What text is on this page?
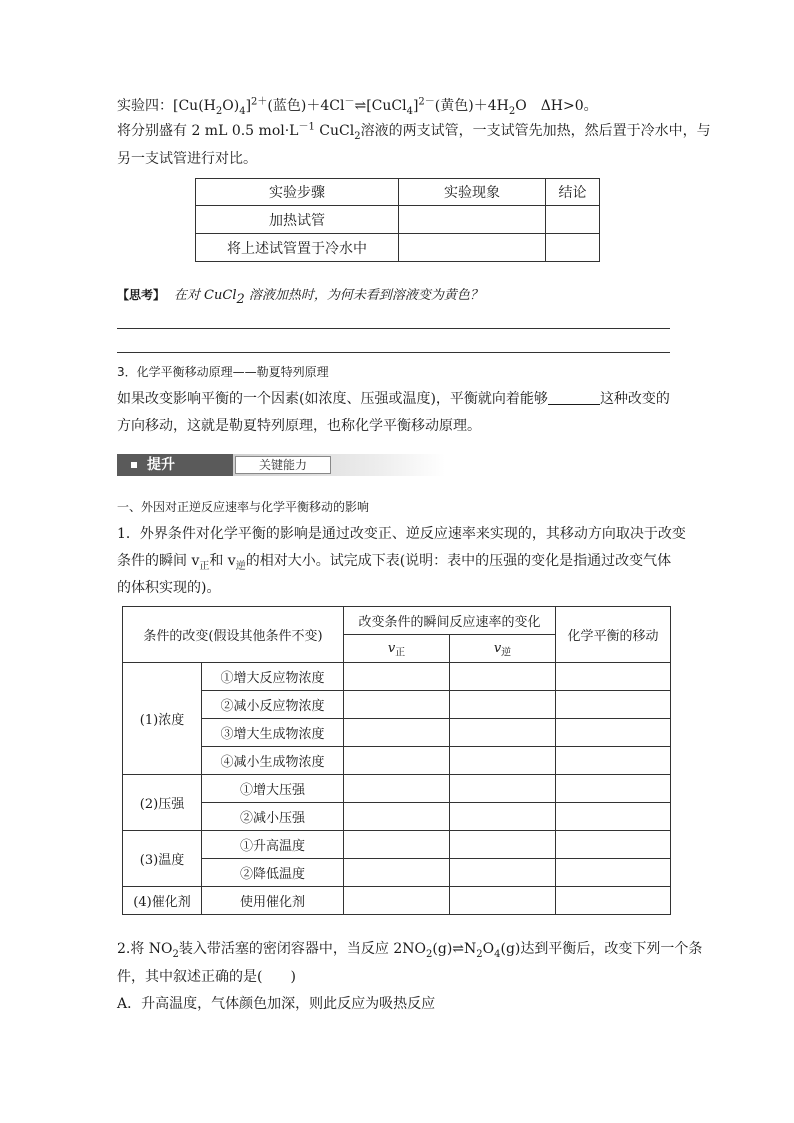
实验四：$[Cu(H_2O)_4]^{2+}$(蓝色)＋4Cl－⇌[CuCl$_4$]$^{2-}$(黄色)$+4H_2O$　ΔH>0。
将分别盛有 2 mL 0.5 $mol\cdot L^{-1}$ CuCl$_2$溶液的两支试管，一支试管先加热，然后置于冷水中，与
另一支试管进行对比。
实验步骤	实验现象	结论
加热试管		
将上述试管置于冷水中		
【思考】 在对 CuCl$_2$ 溶液加热时，为何未看到溶液变为黄色？
3．化学平衡移动原理——勒夏特列原理
如果改变影响平衡的一个因素(如浓度、压强或温度)，平衡就向着能够	这种改变的
方向移动，这就是勒夏特列原理，也称化学平衡移动原理。
提升	关键能力
一、外因对正逆反应速率与化学平衡移动的影响
1．外界条件对化学平衡的影响是通过改变正、逆反应速率来实现的，其移动方向取决于改变
条件的瞬间 $v_正$和 $v_逆$的相对大小。试完成下表(说明：表中的压强的变化是指通过改变气体
的体积实现的)。
条件的改变(假设其他条件不变)		改变条件的瞬间反应速率的变化		化学平衡的移动
		$v_正$	$v_逆$
(1)浓度	①增大反应物浓度			
	②减小反应物浓度			
	③增大生成物浓度			
	④减小生成物浓度			
(2)压强	①增大压强			
	②减小压强			
(3)温度	①升高温度			
	②降低温度			
(4)催化剂	使用催化剂			
2.将 $NO_2$装入带活塞的密闭容器中，当反应 $2NO_2(g)\rightleftharpoons N_2O_4(g)$达到平衡后，改变下列一个条
件，其中叙述正确的是( )
A．升高温度，气体颜色加深，则此反应为吸热反应
